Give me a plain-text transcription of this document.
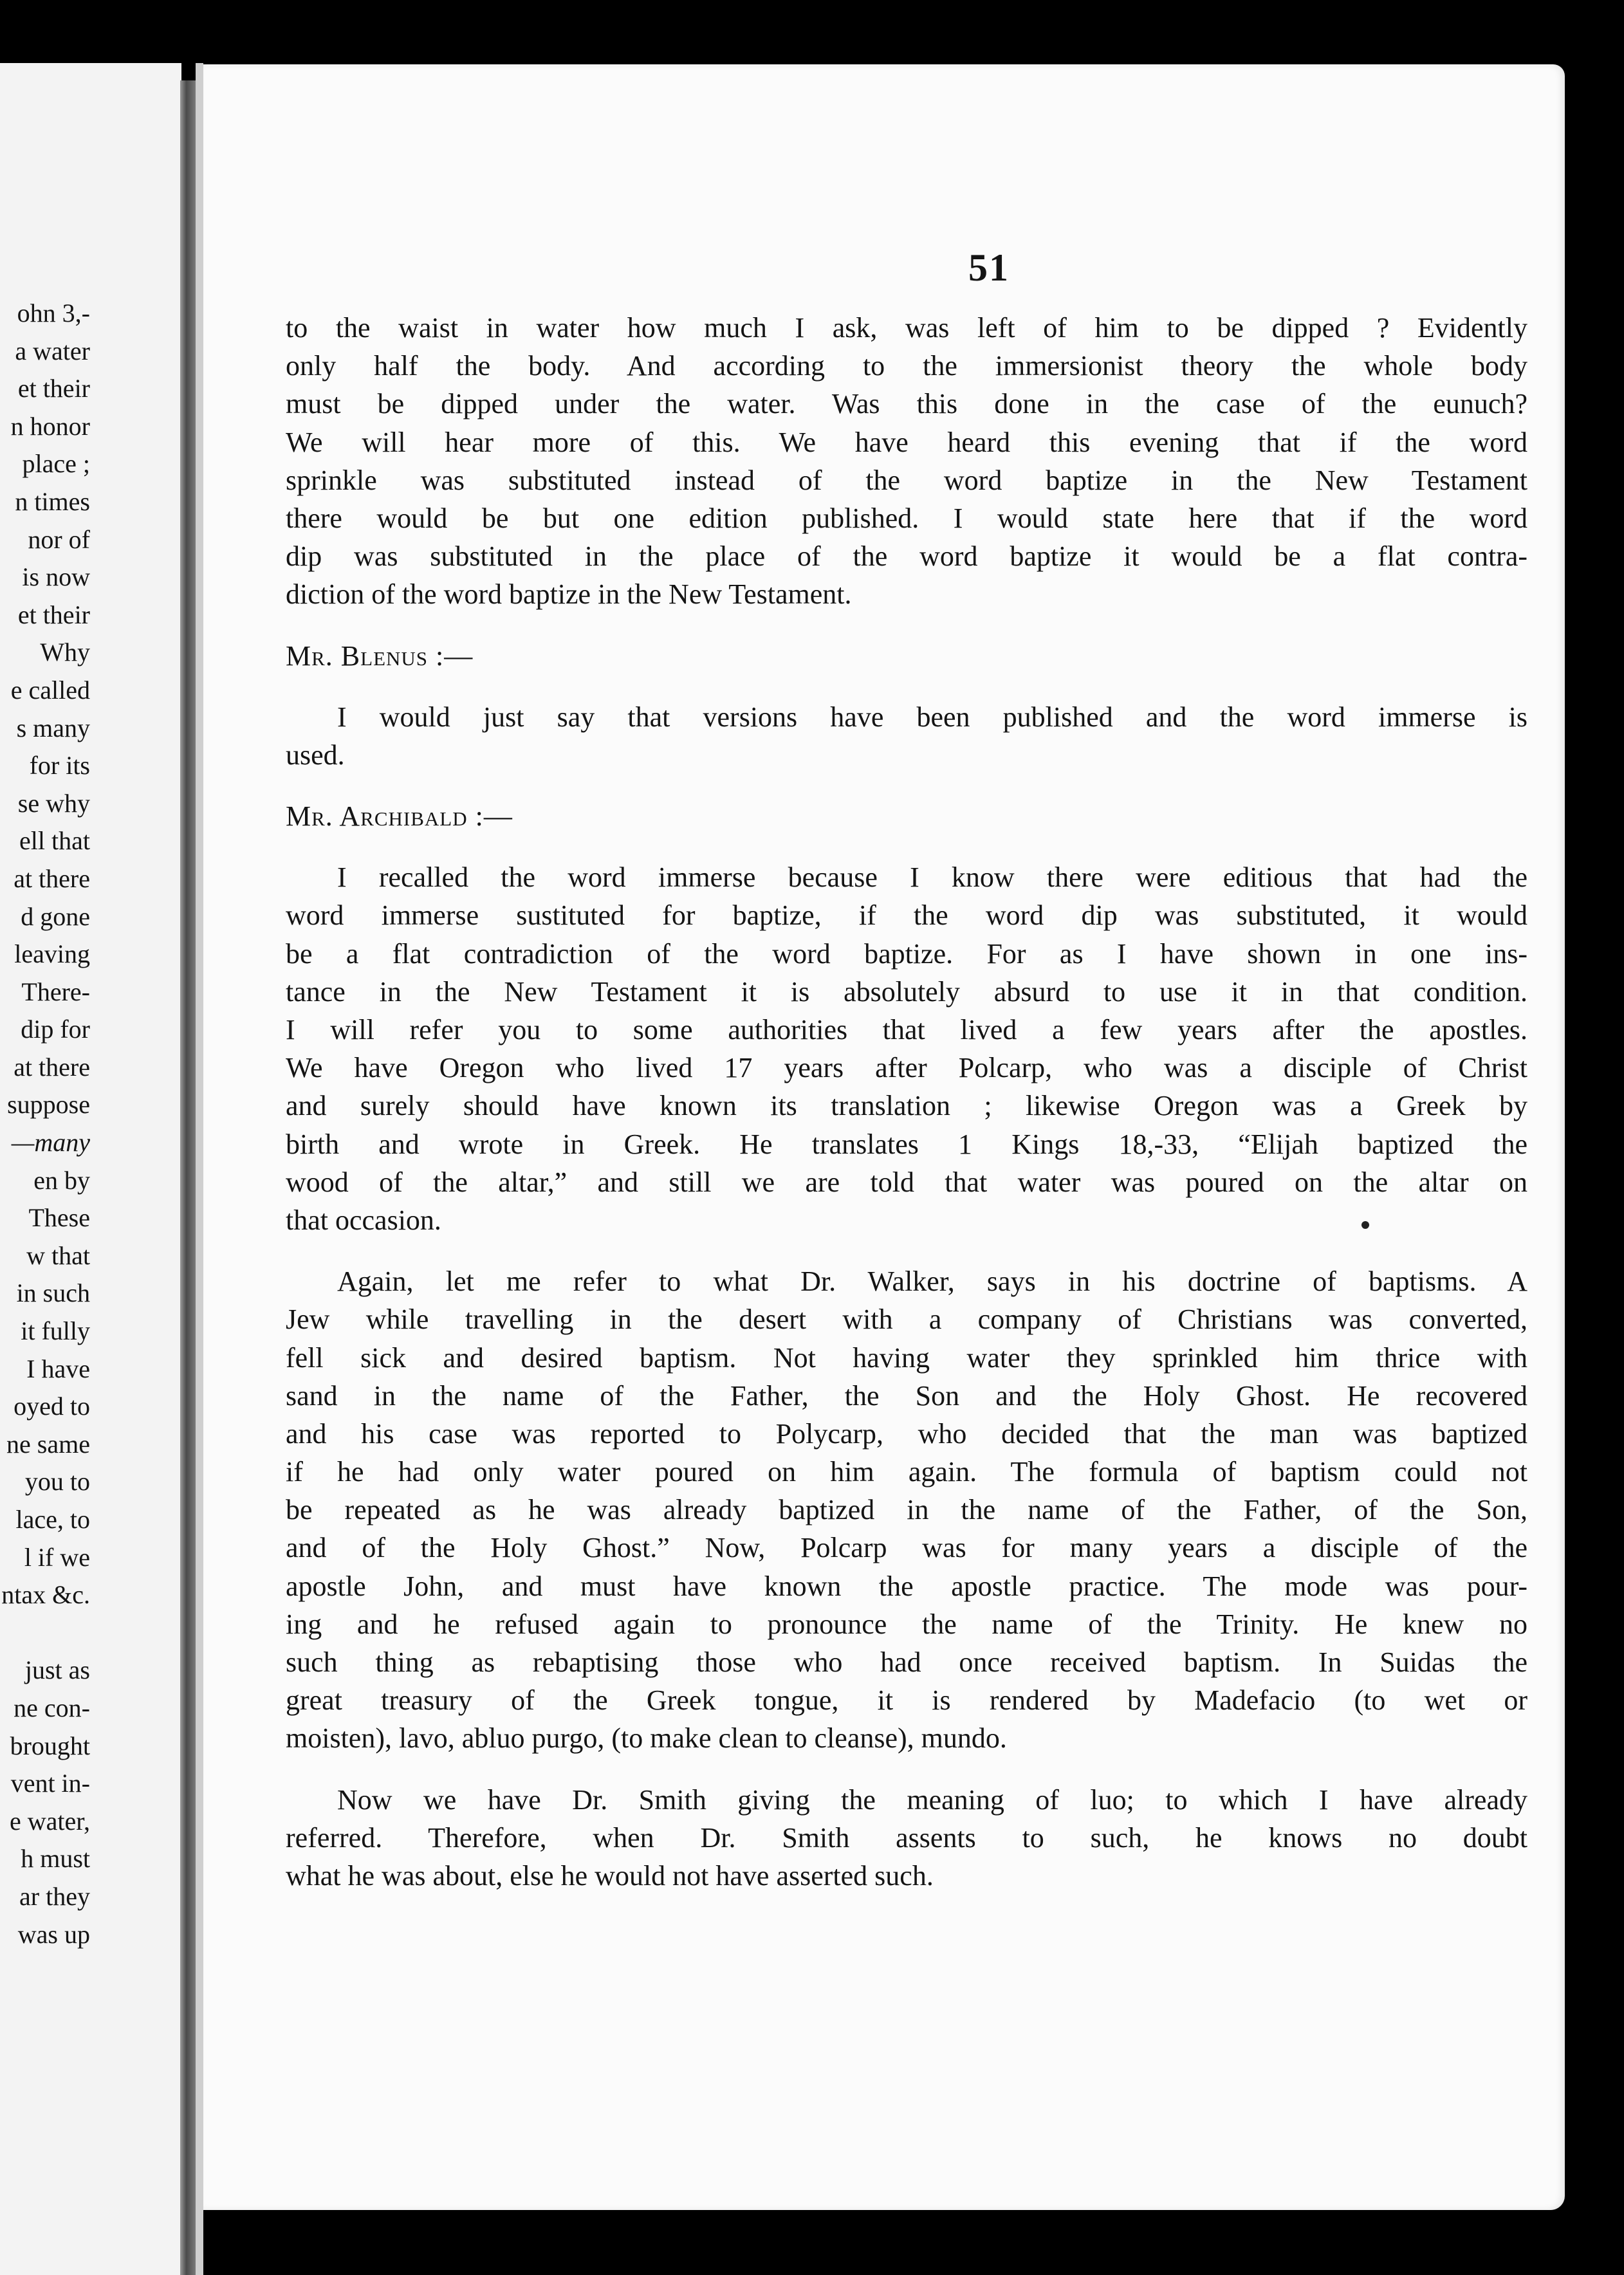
ohn 3,-
a water
et their
n honor
place ;
n times
nor of
is now
et their
Why
e called
s many
for its
se why
ell that
at there
d gone
leaving
There-
dip for
at there
suppose
—many
en by
These
w that
in such
it fully
I have
oyed to
ne same
you to
lace, to
l if we
ntax &c.
just as
ne con-
brought
vent in-
e water,
h must
ar they
was up
51
to the waist in water how much I ask, was left of him to be dipped ? Evidently
only half the body. And according to the immersionist theory the whole body
must be dipped under the water. Was this done in the case of the eunuch?
We will hear more of this. We have heard this evening that if the word
sprinkle was substituted instead of the word baptize in the New Testament
there would be but one edition published. I would state here that if the word
dip was substituted in the place of the word baptize it would be a flat contra-
diction of the word baptize in the New Testament.
Mr. Blenus :—
I would just say that versions have been published and the word immerse is
used.
Mr. Archibald :—
I recalled the word immerse because I know there were editious that had the
word immerse sustituted for baptize, if the word dip was substituted, it would
be a flat contradiction of the word baptize. For as I have shown in one ins-
tance in the New Testament it is absolutely absurd to use it in that condition.
I will refer you to some authorities that lived a few years after the apostles.
We have Oregon who lived 17 years after Polcarp, who was a disciple of Christ
and surely should have known its translation ; likewise Oregon was a Greek by
birth and wrote in Greek. He translates 1 Kings 18,-33, “Elijah baptized the
wood of the altar,” and still we are told that water was poured on the altar on
that occasion.
Again, let me refer to what Dr. Walker, says in his doctrine of baptisms. A
Jew while travelling in the desert with a company of Christians was converted,
fell sick and desired baptism. Not having water they sprinkled him thrice with
sand in the name of the Father, the Son and the Holy Ghost. He recovered
and his case was reported to Polycarp, who decided that the man was baptized
if he had only water poured on him again. The formula of baptism could not
be repeated as he was already baptized in the name of the Father, of the Son,
and of the Holy Ghost.” Now, Polcarp was for many years a disciple of the
apostle John, and must have known the apostle practice. The mode was pour-
ing and he refused again to pronounce the name of the Trinity. He knew no
such thing as rebaptising those who had once received baptism. In Suidas the
great treasury of the Greek tongue, it is rendered by Madefacio (to wet or
moisten), lavo, abluo purgo, (to make clean to cleanse), mundo.
Now we have Dr. Smith giving the meaning of luo; to which I have already
referred. Therefore, when Dr. Smith assents to such, he knows no doubt
what he was about, else he would not have asserted such.
